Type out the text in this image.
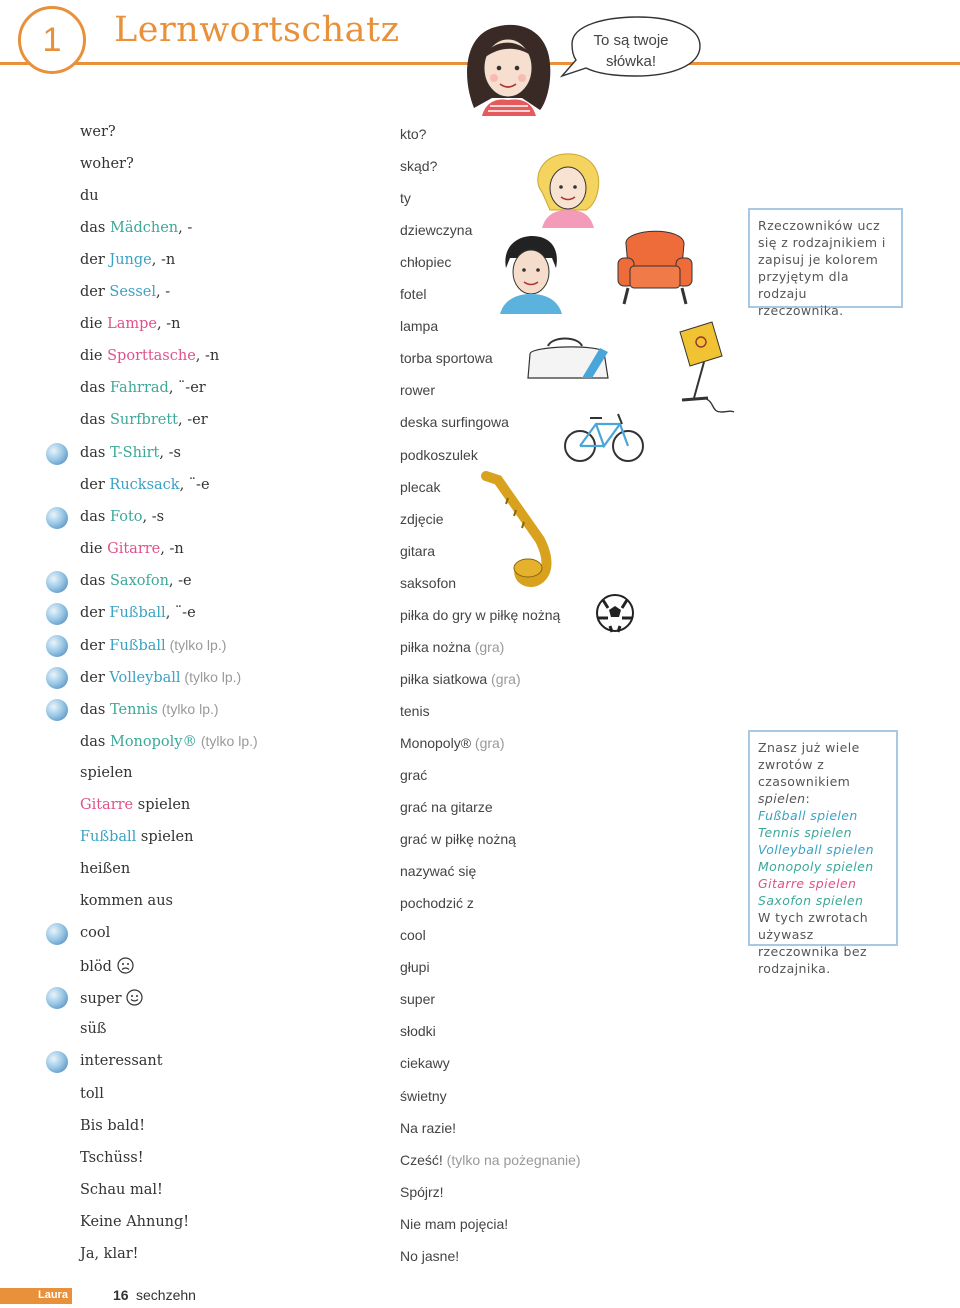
1	Lernwortschatz	To są twoje słówka!
wer?	kto?
woher?	skąd?
du	ty
das Mädchen, -	dziewczyna
der Junge, -n	chłopiec
der Sessel, -	fotel
die Lampe, -n	lampa
die Sporttasche, -n	torba sportowa
das Fahrrad, ¨-er	rower
das Surfbrett, -er	deska surfingowa
das T-Shirt, -s	podkoszulek
der Rucksack, ¨-e	plecak
das Foto, -s	zdjęcie
die Gitarre, -n	gitara
das Saxofon, -e	saksofon
der Fußball, ¨-e	piłka do gry w piłkę nożną
der Fußball (tylko lp.)	piłka nożna (gra)
der Volleyball (tylko lp.)	piłka siatkowa (gra)
das Tennis (tylko lp.)	tenis
das Monopoly® (tylko lp.)	Monopoly® (gra)
spielen	grać
Gitarre spielen	grać na gitarze
Fußball spielen	grać w piłkę nożną
heißen	nazywać się
kommen aus	pochodzić z
cool	cool
blöd	głupi
super	super
süß	słodki
interessant	ciekawy
toll	świetny
Bis bald!	Na razie!
Tschüss!	Cześć! (tylko na pożegnanie)
Schau mal!	Spójrz!
Keine Ahnung!	Nie mam pojęcia!
Ja, klar!	No jasne!
Rzeczowników ucz się z rodzajnikiem i zapisuj je kolorem przyjętym dla rodzaju rzeczownika.
Znasz już wiele zwrotów z czasownikiem spielen:
Fußball spielen
Tennis spielen
Volleyball spielen
Monopoly spielen
Gitarre spielen
Saxofon spielen
W tych zwrotach używasz rzeczownika bez rodzajnika.
Laura	16 sechzehn
